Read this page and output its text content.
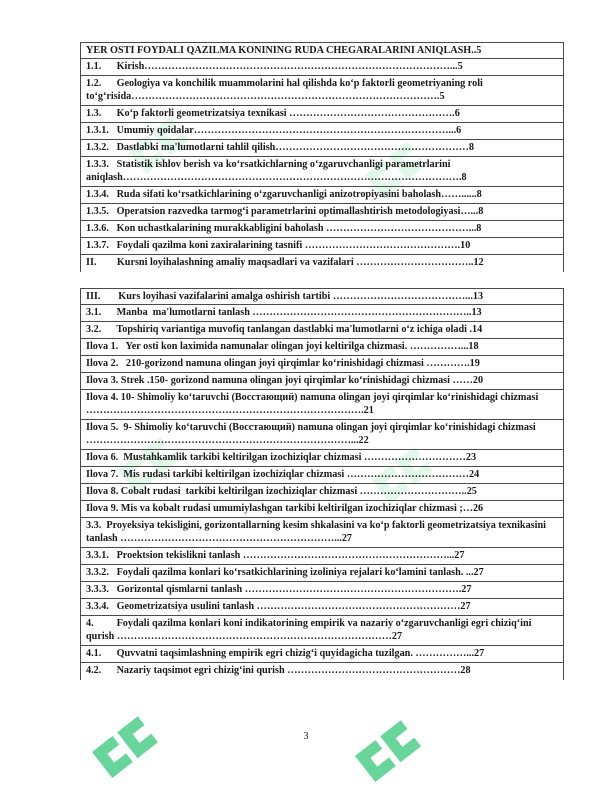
YER OSTI FOYDALI QAZILMA KONINING RUDA CHEGARALARINI ANIQLASH..5
1.1.      Kirish………………………………………………………………………………...5
1.2.      Geologiya va konchilik muammolarini hal qilishda ko‘p faktorli geometriyaning roli to‘g‘risida……………………………………………………………………………….5
1.3.      Ko‘p faktorli geometrizatsiya texnikasi ………………………………………….6
1.3.1.   Umumiy qoidalar…………………………………………………………………...6
1.3.2.   Dastlabki ma'lumotlarni tahlil qilish…………………………………………………8
1.3.3.   Statistik ishlov berish va ko‘rsatkichlarning o‘zgaruvchanligi parametrlarini aniqlash……………………………………………………………………………………….8
1.3.4.   Ruda sifati ko‘rsatkichlarining o‘zgaruvchanligi anizotropiyasini baholash……......8
1.3.5.   Operatsion razvedka tarmog‘i parametrlarini optimallashtirish metodologiyasi…...8
1.3.6.   Kon uchastkalarining murakkabligini baholash ……………………………………...8
1.3.7.   Foydali qazilma koni zaxiralarining tasnifi ……………………………………….10
II.        Kursni loyihalashning amaliy maqsadlari va vazifalari ……………………………..12
III.       Kurs loyihasi vazifalarini amalga oshirish tartibi …………………………………...13
3.1.      Manba  ma'lumotlarni tanlash ………………………………………………………..13
3.2.      Topshiriq variantiga muvofiq tanlangan dastlabki ma'lumotlarni o‘z ichiga oladi .14
Ilova 1.   Yer osti kon laximida namunalar olingan joyi keltirilga chizmasi. ……………...18
Ilova 2.   210-gorizond namuna olingan joyi qirqimlar ko‘rinishidagi chizmasi ………….19
Ilova 3. Strek .150- gorizond namuna olingan joyi qirqimlar ko‘rinishidagi chizmasi ……20
Ilova 4. 10- Shimoliy ko‘taruvchi (Восстающий) namuna olingan joyi qirqimlar ko‘rinishidagi chizmasi ……………………………………………………………………….21
Ilova 5.  9- Shimoliy ko‘taruvchi (Восстающий) namuna olingan joyi qirqimlar ko‘rinishidagi chizmasi ……………………………………………………………………...22
Ilova 6.  Mustahkamlik tarkibi keltirilgan izochiziqlar chizmasi …………………………23
Ilova 7.  Mis rudasi tarkibi keltirilgan izochiziqlar chizmasi ………………………………24
Ilova 8. Cobalt rudasi  tarkibi keltirilgan izochiziqlar chizmasi …………………………..25
Ilova 9. Mis va kobalt rudasi umumiylashgan tarkibi keltirilgan izochiziqlar chizmasi ;…26
3.3.  Proyeksiya tekisligini, gorizontallarning kesim shkalasini va ko‘p faktorli geometrizatsiya texnikasini tanlash ………………………………………………………...27
3.3.1.   Proektsion tekislikni tanlash ……………………………………………………...27
3.3.2.   Foydali qazilma konlari ko‘rsatkichlarining izoliniya rejalari ko‘lamini tanlash. ...27
3.3.3.   Gorizontal qismlarni tanlash ……………………………………………………….27
3.3.4.   Geometrizatsiya usulini tanlash ……………………………………………………27
4.         Foydali qazilma konlari koni indikatorining empirik va nazariy o‘zgaruvchanligi egri chiziq‘ini qurish ………………………………………………………………………27
4.1.      Quvvatni taqsimlashning empirik egri chizig‘i quyidagicha tuzilgan. ……………...27
4.2.      Nazariy taqsimot egri chizig‘ini qurish ……………………………………………28
3
